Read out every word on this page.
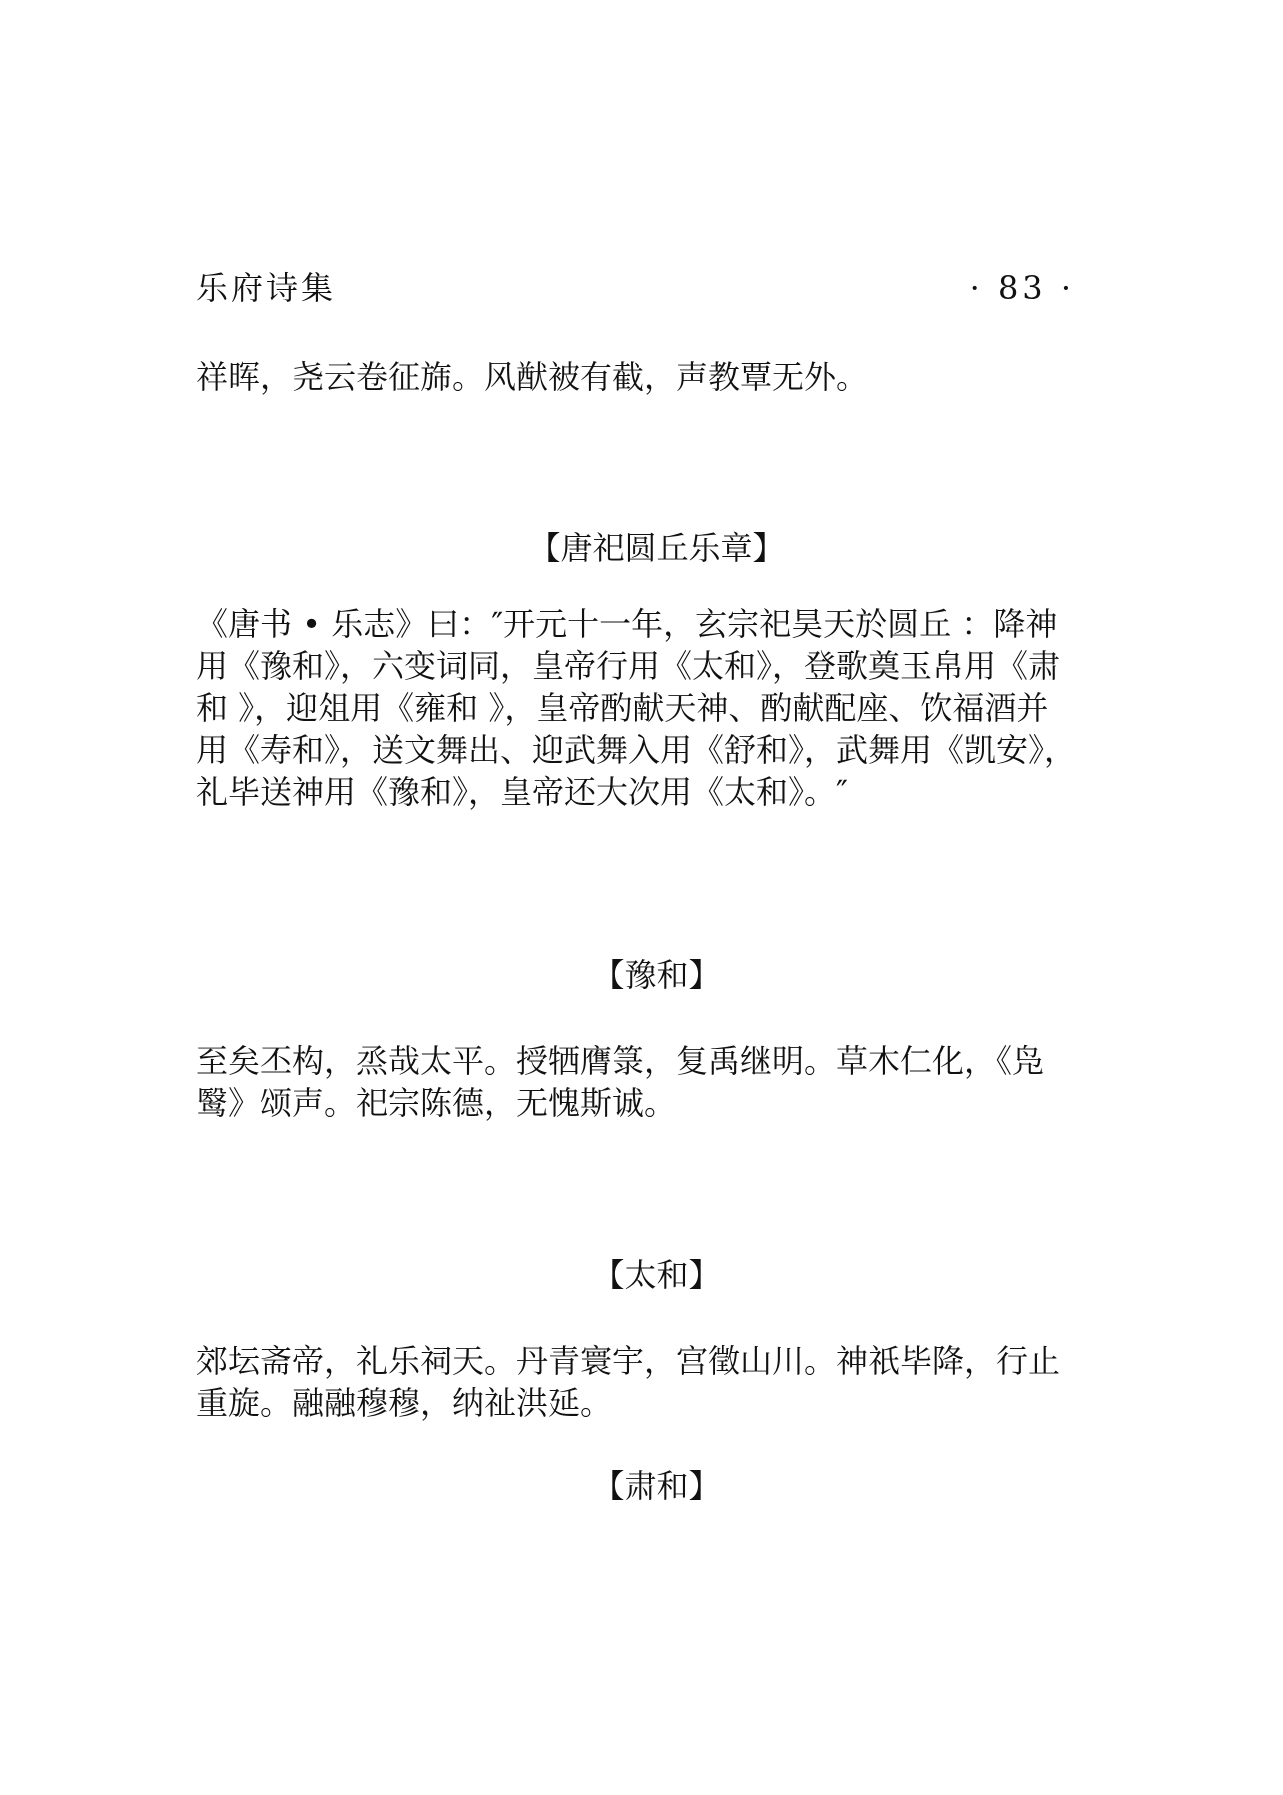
乐府诗集	· 83 ·
祥晖，尧云卷征旆。风猷被有截，声教覃无外。
【唐祀圆丘乐章】
《唐书 • 乐志》曰：″开元十一年，玄宗祀昊天於圆丘 ：降神
用《豫和》，六变词同，皇帝行用《太和》，登歌奠玉帛用《肃
和 》，迎俎用《雍和 》，皇帝酌献天神、酌献配座、饮福酒并
用《寿和》，送文舞出、迎武舞入用《舒和》，武舞用《凯安》，
礼毕送神用《豫和》，皇帝还大次用《太和》。″
【豫和】
至矣丕构，烝哉太平。授牺膺箓，复禹继明。草木仁化，《凫
鹥》颂声。祀宗陈德，无愧斯诚。
【太和】
郊坛斋帝，礼乐祠天。丹青寰宇，宫徵山川。神祇毕降，行止
重旋。融融穆穆，纳祉洪延。
【肃和】
